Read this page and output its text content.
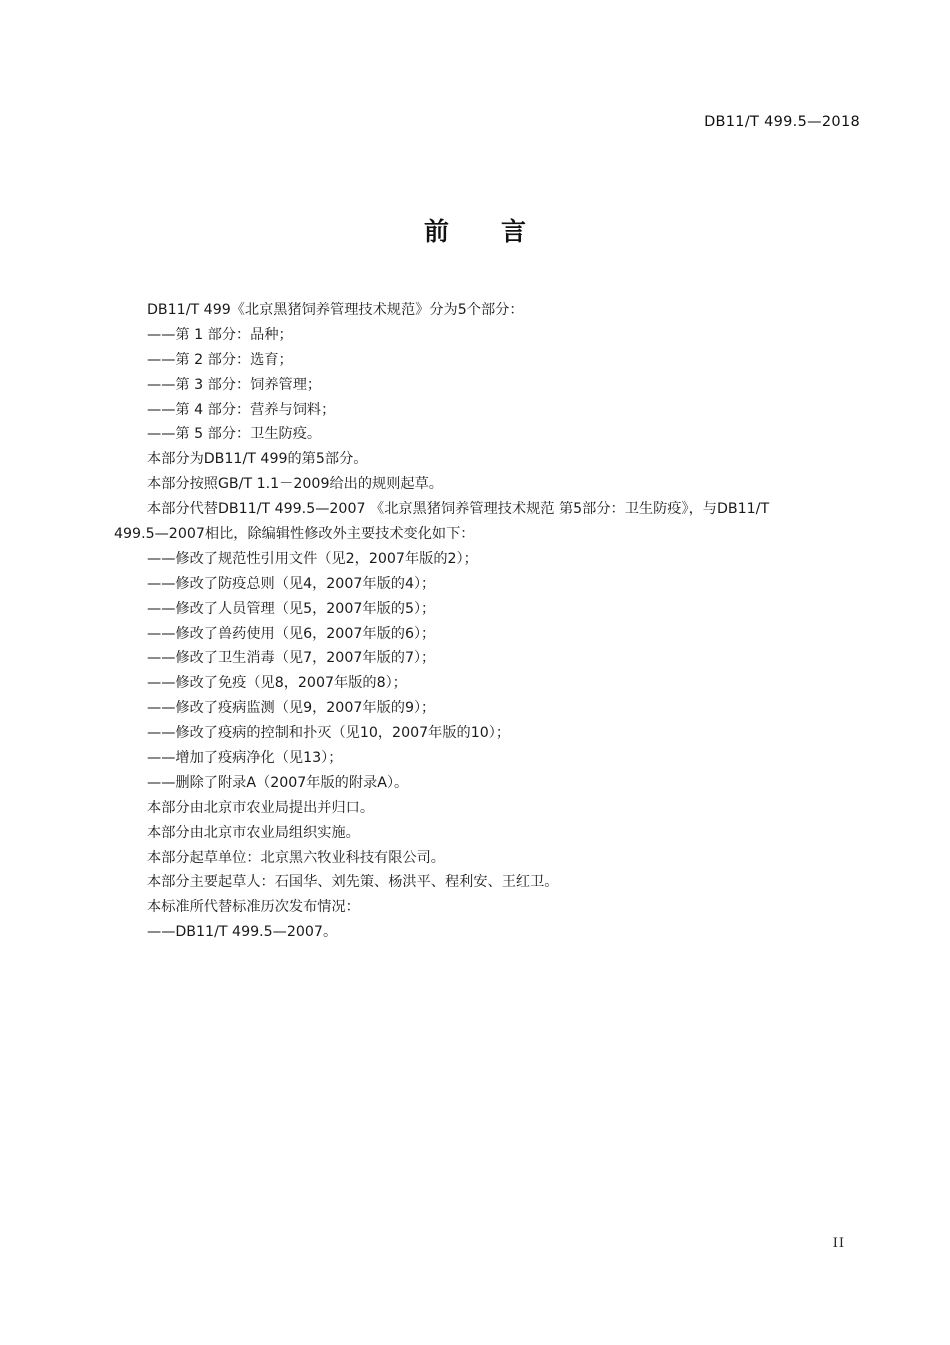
DB11/T 499.5—2018
前言
DB11/T 499《北京黑猪饲养管理技术规范》分为5个部分：
——第 1 部分：品种；
——第 2 部分：选育；
——第 3 部分：饲养管理；
——第 4 部分：营养与饲料；
——第 5 部分：卫生防疫。
本部分为DB11/T 499的第5部分。
本部分按照GB/T 1.1－2009给出的规则起草。
本部分代替DB11/T 499.5—2007 《北京黑猪饲养管理技术规范 第5部分：卫生防疫》，与DB11/T
499.5—2007相比，除编辑性修改外主要技术变化如下：
——修改了规范性引用文件（见2，2007年版的2）；
——修改了防疫总则（见4，2007年版的4）；
——修改了人员管理（见5，2007年版的5）；
——修改了兽药使用（见6，2007年版的6）；
——修改了卫生消毒（见7，2007年版的7）；
——修改了免疫（见8，2007年版的8）；
——修改了疫病监测（见9，2007年版的9）；
——修改了疫病的控制和扑灭（见10，2007年版的10）；
——增加了疫病净化（见13）；
——删除了附录A（2007年版的附录A）。
本部分由北京市农业局提出并归口。
本部分由北京市农业局组织实施。
本部分起草单位：北京黑六牧业科技有限公司。
本部分主要起草人：石国华、刘先策、杨洪平、程利安、王红卫。
本标准所代替标准历次发布情况：
——DB11/T 499.5—2007。
II
